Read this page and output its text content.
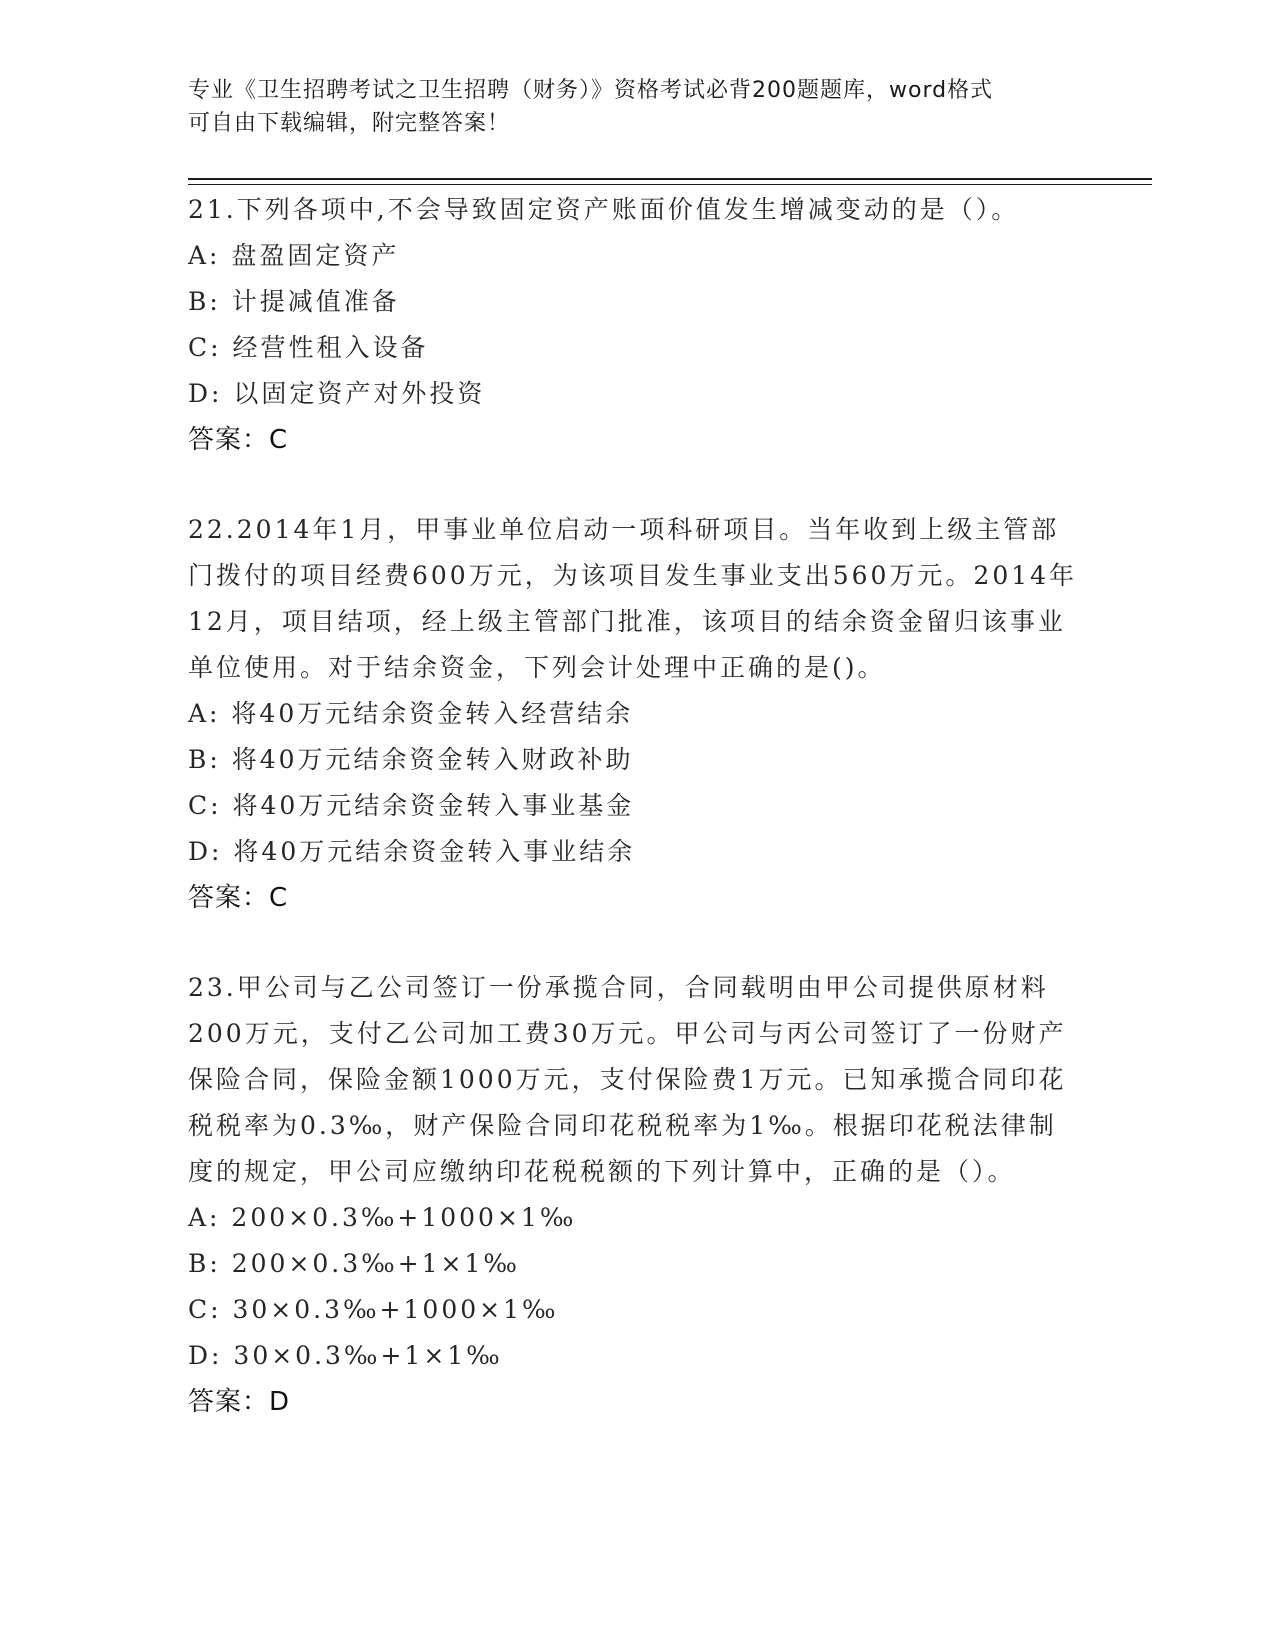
专业《卫生招聘考试之卫生招聘（财务）》资格考试必背200题题库，word格式
可自由下载编辑，附完整答案！
21.下列各项中,不会导致固定资产账面价值发生增减变动的是（）。
A: 盘盈固定资产
B: 计提减值准备
C: 经营性租入设备
D: 以固定资产对外投资
答案：C
22.2014年1月，甲事业单位启动一项科研项目。当年收到上级主管部门拨付的项目经费600万元，为该项目发生事业支出560万元。2014年12月，项目结项，经上级主管部门批准，该项目的结余资金留归该事业单位使用。对于结余资金，下列会计处理中正确的是()。
A: 将40万元结余资金转入经营结余
B: 将40万元结余资金转入财政补助
C: 将40万元结余资金转入事业基金
D: 将40万元结余资金转入事业结余
答案：C
23.甲公司与乙公司签订一份承揽合同，合同载明由甲公司提供原材料200万元，支付乙公司加工费30万元。甲公司与丙公司签订了一份财产保险合同，保险金额1000万元，支付保险费1万元。已知承揽合同印花税税率为0.3‰，财产保险合同印花税税率为1‰。根据印花税法律制度的规定，甲公司应缴纳印花税税额的下列计算中，正确的是（）。
A: 200×0.3‰+1000×1‰
B: 200×0.3‰+1×1‰
C: 30×0.3‰+1000×1‰
D: 30×0.3‰+1×1‰
答案：D
